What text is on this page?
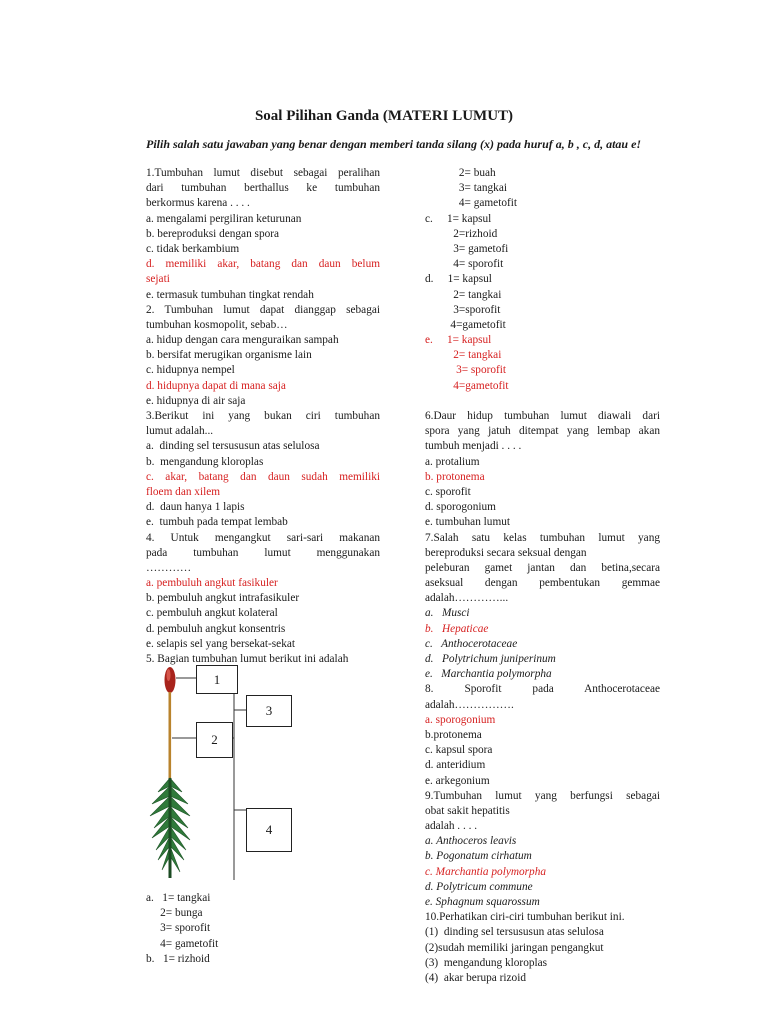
Soal Pilihan Ganda (MATERI LUMUT)
Pilih salah satu jawaban yang benar dengan memberi tanda silang (x) pada huruf a, b , c, d, atau e!
1.Tumbuhan lumut disebut sebagai peralihan
dari tumbuhan berthallus ke tumbuhan
berkormus karena . . . .
a. mengalami pergiliran keturunan
b. bereproduksi dengan spora
c. tidak berkambium
d. memiliki akar, batang dan daun belum
sejati
e. termasuk tumbuhan tingkat rendah
2. Tumbuhan lumut dapat dianggap sebagai
tumbuhan kosmopolit, sebab…
a. hidup dengan cara menguraikan sampah
b. bersifat merugikan organisme lain
c. hidupnya nempel
d. hidupnya dapat di mana saja
e. hidupnya di air saja
3.Berikut ini yang bukan ciri tumbuhan
lumut adalah...
a.  dinding sel tersususun atas selulosa
b.  mengandung kloroplas
c. akar, batang dan daun sudah memiliki
floem dan xilem
d.  daun hanya 1 lapis
e.  tumbuh pada tempat lembab
4. Untuk mengangkut sari-sari makanan
pada tumbuhan lumut menggunakan
…………
a. pembuluh angkut fasikuler
b. pembuluh angkut intrafasikuler
c. pembuluh angkut kolateral
d. pembuluh angkut konsentris
e. selapis sel yang bersekat-sekat
5. Bagian tumbuhan lumut berikut ini adalah
1
2
3
4
a.   1= tangkai
2= bunga
3= sporofit
4= gametofit
b.   1= rizhoid
2= buah
3= tangkai
4= gametofit
c.     1= kapsul
2=rizhoid
3= gametofi
4= sporofit
d.     1= kapsul
2= tangkai
3=sporofit
4=gametofit
e.     1= kapsul
2= tangkai
3= sporofit
4=gametofit
6.Daur hidup tumbuhan lumut diawali dari
spora yang jatuh ditempat yang lembap akan
tumbuh menjadi . . . .
a. protalium
b. protonema
c. sporofit
d. sporogonium
e. tumbuhan lumut
7.Salah satu kelas tumbuhan lumut yang
bereproduksi secara seksual dengan
peleburan gamet jantan dan betina,secara
aseksual dengan pembentukan gemmae
adalah…………...
a.   Musci
b.   Hepaticae
c.   Anthocerotaceae
d.   Polytrichum juniperinum
e.   Marchantia polymorpha
8. Sporofit pada Anthocerotaceae
adalah…………….
a. sporogonium
b.protonema
c. kapsul spora
d. anteridium
e. arkegonium
9.Tumbuhan lumut yang berfungsi sebagai
obat sakit hepatitis
adalah . . . .
a. Anthoceros leavis
b. Pogonatum cirhatum
c. Marchantia polymorpha
d. Polytricum commune
e. Sphagnum squarossum
10.Perhatikan ciri-ciri tumbuhan berikut ini.
(1)  dinding sel tersususun atas selulosa
(2)sudah memiliki jaringan pengangkut
(3)  mengandung kloroplas
(4)  akar berupa rizoid
